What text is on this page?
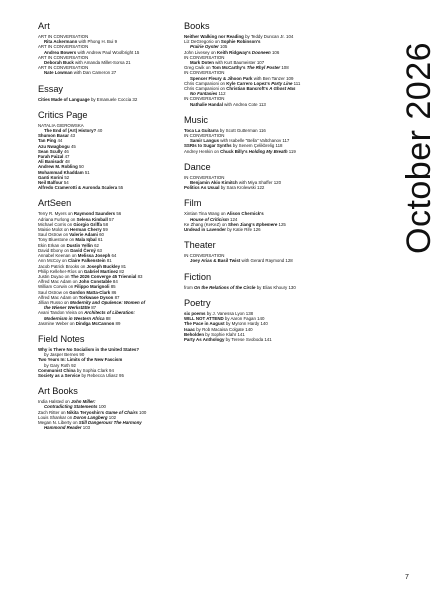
Art
ART IN CONVERSATION
Rita Ackermann with Phong H. Bui 9
ART IN CONVERSATION
Andrea Bowers with Andrew Paul Woolbright 15
ART IN CONVERSATION
Deborah Buck with Amanda Millet-Sorsa 21
ART IN CONVERSATION
Nate Lowman with Dan Cameron 27
Essay
Cities Made of Language by Emanuele Coccia 32
Critics Page
NATALIA GIEROWSKA
The End of (Art) History? 40
Shumon Basar 43
Tan Ping 44
Azu Nwagbogu 45
Sean Scully 46
Farah Faizal 47
Ali Banisadr 48
Andrew M. Robling 50
Mohammad Khaddam 51
Ganti Korini 52
Neil Balfour 54
Alfredo Cramerotti & Auronda Scalera 55
ArtSeen
Terry R. Myers on Raymond Saunders 56
Adriana Furlong on Selena Kimball 57
Michael Corris on Giorgio Griffa 58
Maisie Molot on Herman Cherry 59
Saul Ostrow on Valerie Adami 60
Tony Bluestone on Mala Iqbal 61
Ekin Erkan on Dustin Yellin 62
David Ebony on David Černý 63
Annabel Keenan on Melissa Joseph 64
Ann McCoy on Claire Falkenstein 81
Jacob Patrick Brooks on Joseph Buckley 81
Philip Kelleher-Ríos on Gabriel Martinez 82
Justin Duyao on The 2026 Converge 45 Triennial 83
Alfred Mac Adam on John Constable 84
William Corwin on Filippo Marignoli 85
Saul Ostrow on Gordon Matta-Clark 86
Alfred Mac Adam on Torkwase Dyson 87
Jillian Russo on Modernity and Opulence: Women of
the Wiener Werkstätte 87
Avani Tandon Vieira on Architects of Liberation:
Modernism in Western Africa 88
Jasmine Weber on Dindga McCannon 89
Field Notes
Why is There No Socialism in the United States?
by Jasper Bernes 90
Two Years In: Limits of the New Fascism
by Gary Roth 92
Communist China by Sophia Clark 94
Society as a Service by Rebecca Uliasz 95
Art Books
India Halsted on John Miller:
Contradicting Statements 100
Zach Ritter on Nikita Teryoshin's Game of Chairs 100
Louis Shankar on Doron Langberg 102
Megan N. Liberty on Still Dangerous! The Harmony
Hammond Reader 103
Books
Neither Walking nor Reading by Teddy Duncan Jr. 104
Liz DeGregorio on Sophie Robinson's
Prairie Oyster 105
John Livesey on Keith Ridgway's Dooneen 106
IN CONVERSATION
Mark Doten with Kurt Baumeister 107
Greg Cwik on Tom McCarthy's The Rhyl Poster 108
IN CONVERSATION
Spencer Fleury & Jihoon Park with Ben Tanzer 109
Chris Campanioni on Kyle Carrero Lopez's Party Line 111
Chris Campanioni on Christian Bancroft's A Ghost Has
No Fantasies 112
IN CONVERSATION
Nathalie Handal with Andrea Cote 113
Music
Toca La Guitarra by Scott Gutterman 116
IN CONVERSATION
Samir Langus with Isabelle "Bella" Valtchanov 117
SSRIs to Sugar Synths by Senem Çelikbrelig 118
Andrey Henkin on Chuck Billy's Holding My Breath 119
Dance
IN CONVERSATION
Benjamin Akio Kimitch with Miya Shaffer 120
Politics As Usual by Sara Krolewski 122
Film
Xintian Tina Wang on Alison Chernick's
House of Criticism 124
Ke Zhang (KeKeZ) on Shen Jiang's Ephemere 125
Undead in Lavender by Katie Rife 126
Theater
IN CONVERSATION
Joey Arias & Basil Twist with Gerard Raymond 128
Fiction
from On the Relations of the Circle by Elias Khoury 130
Poetry
six poems by J. Vanessa Lyon 138
WILL NOT ATTEND by Aaron Fagan 140
The Pace in August by Myronn Hardy 140
Isaac by Rob Macaisa Colgate 140
Beholden by Sophie Klahr 141
Party As Anthology by Terese Svoboda 141
October 2026
7
